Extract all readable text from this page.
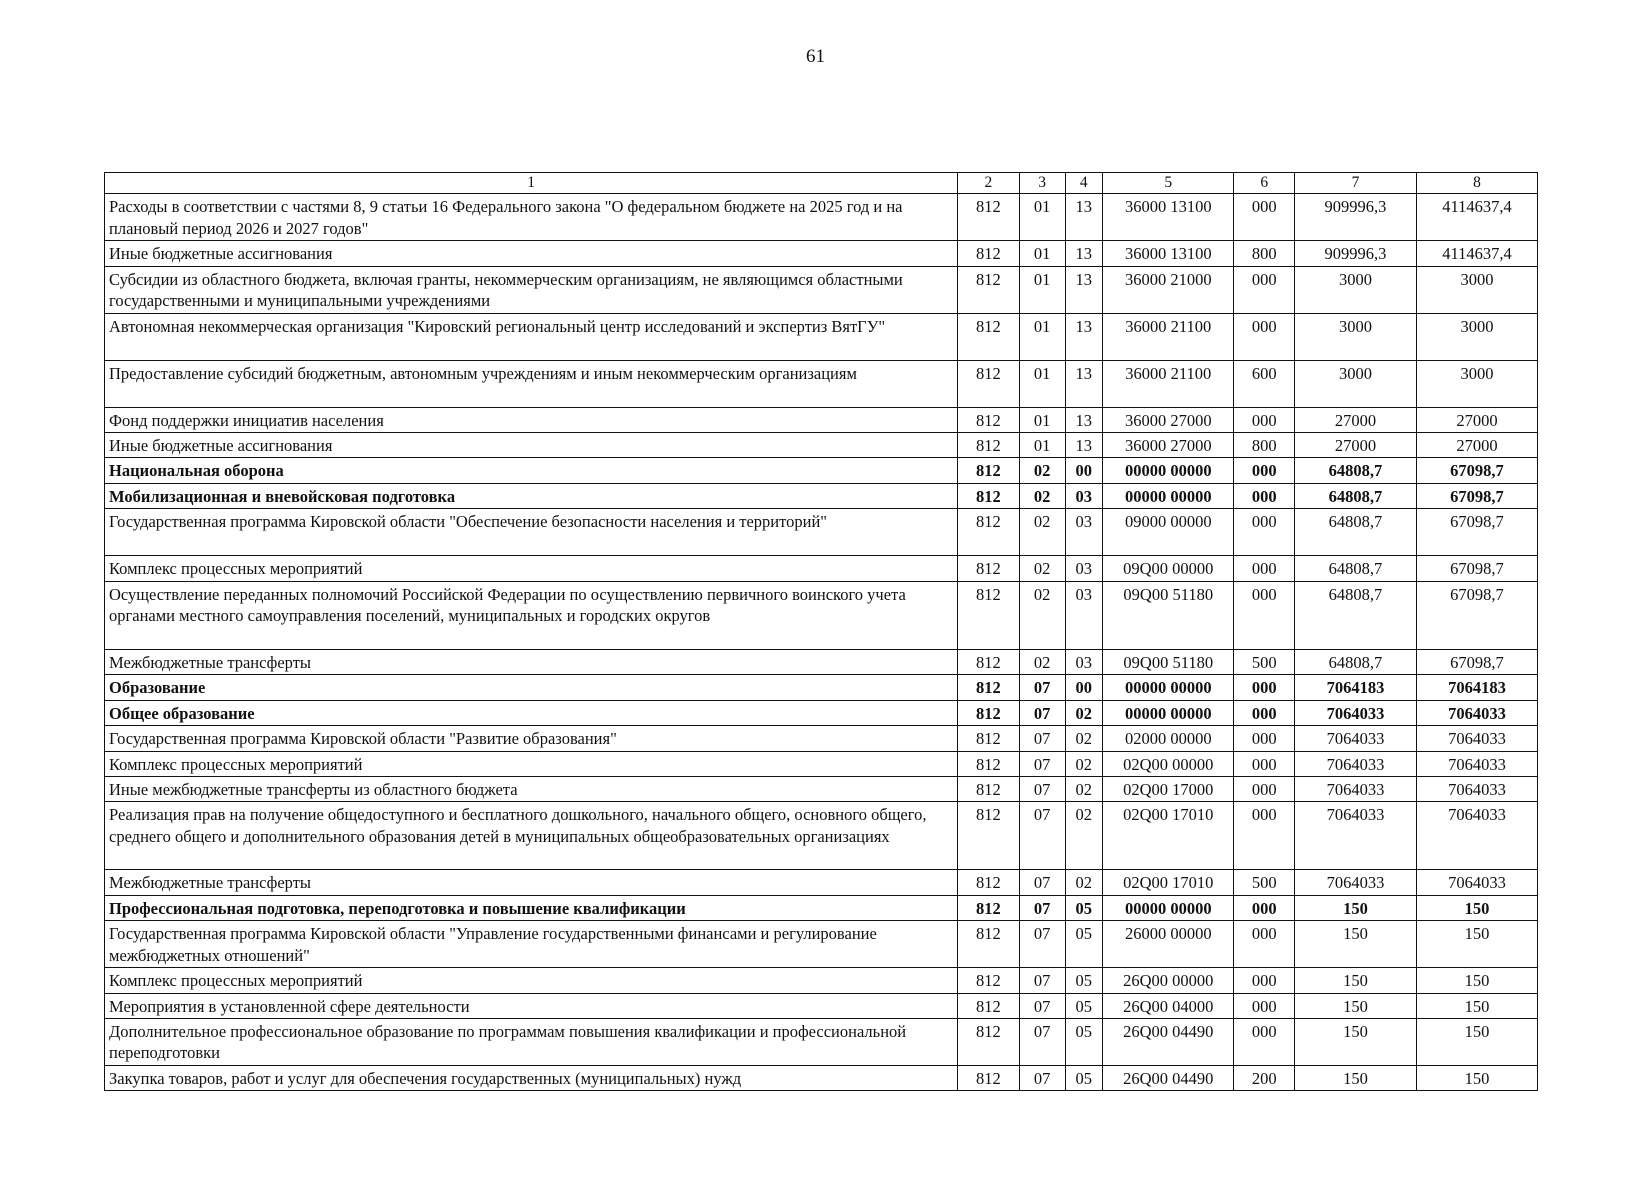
61
1	2	3	4	5	6	7	8
Расходы в соответствии с частями 8, 9 статьи 16 Федерального закона "О федеральном бюджете на 2025 год и на плановый период 2026 и 2027 годов"	812	01	13	36000 13100	000	909996,3	4114637,4
Иные бюджетные ассигнования	812	01	13	36000 13100	800	909996,3	4114637,4
Субсидии из областного бюджета, включая гранты, некоммерческим организациям, не являющимся областными государственными и муниципальными учреждениями	812	01	13	36000 21000	000	3000	3000
Автономная некоммерческая организация "Кировский региональный центр исследований и экспертиз ВятГУ"	812	01	13	36000 21100	000	3000	3000
Предоставление субсидий бюджетным, автономным учреждениям и иным некоммерческим организациям	812	01	13	36000 21100	600	3000	3000
Фонд поддержки инициатив населения	812	01	13	36000 27000	000	27000	27000
Иные бюджетные ассигнования	812	01	13	36000 27000	800	27000	27000
Национальная оборона	812	02	00	00000 00000	000	64808,7	67098,7
Мобилизационная и вневойсковая подготовка	812	02	03	00000 00000	000	64808,7	67098,7
Государственная программа Кировской области "Обеспечение безопасности населения и территорий"	812	02	03	09000 00000	000	64808,7	67098,7
Комплекс процессных мероприятий	812	02	03	09Q00 00000	000	64808,7	67098,7
Осуществление переданных полномочий Российской Федерации по осуществлению первичного воинского учета органами местного самоуправления поселений, муниципальных и городских округов	812	02	03	09Q00 51180	000	64808,7	67098,7
Межбюджетные трансферты	812	02	03	09Q00 51180	500	64808,7	67098,7
Образование	812	07	00	00000 00000	000	7064183	7064183
Общее образование	812	07	02	00000 00000	000	7064033	7064033
Государственная программа Кировской области "Развитие образования"	812	07	02	02000 00000	000	7064033	7064033
Комплекс процессных мероприятий	812	07	02	02Q00 00000	000	7064033	7064033
Иные межбюджетные трансферты из областного бюджета	812	07	02	02Q00 17000	000	7064033	7064033
Реализация прав на получение общедоступного и бесплатного дошкольного, начального общего, основного общего, среднего общего и дополнительного образования детей в муниципальных общеобразовательных организациях	812	07	02	02Q00 17010	000	7064033	7064033
Межбюджетные трансферты	812	07	02	02Q00 17010	500	7064033	7064033
Профессиональная подготовка, переподготовка и повышение квалификации	812	07	05	00000 00000	000	150	150
Государственная программа Кировской области "Управление государственными финансами и регулирование межбюджетных отношений"	812	07	05	26000 00000	000	150	150
Комплекс процессных мероприятий	812	07	05	26Q00 00000	000	150	150
Мероприятия в установленной сфере деятельности	812	07	05	26Q00 04000	000	150	150
Дополнительное профессиональное образование по программам повышения квалификации и профессиональной переподготовки	812	07	05	26Q00 04490	000	150	150
Закупка товаров, работ и услуг для обеспечения государственных (муниципальных) нужд	812	07	05	26Q00 04490	200	150	150
